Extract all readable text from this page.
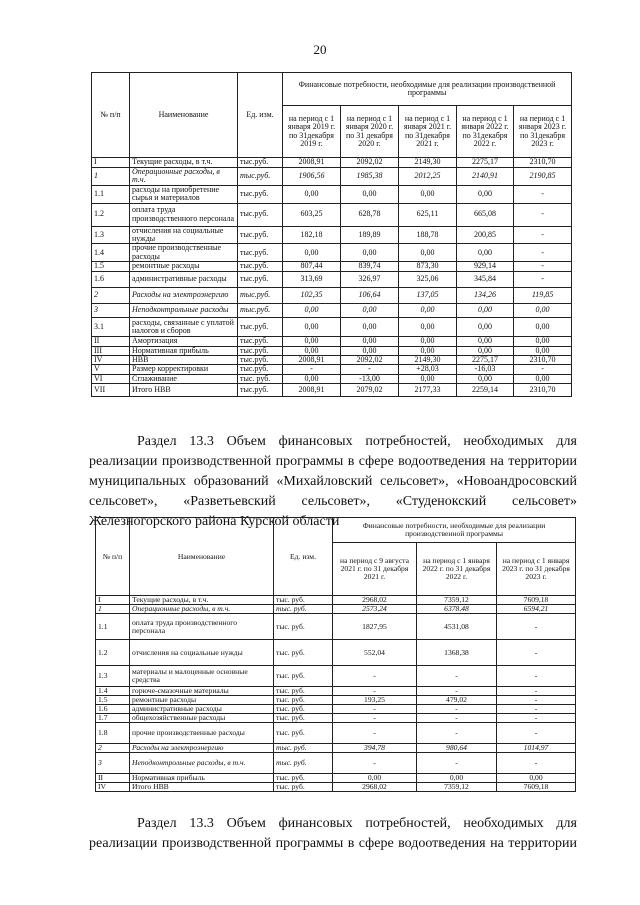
20
№ п/п	Наименование	Ед. изм.	Финансовые потребности, необходимые для реализации производственной программы				
			на период с 1 января 2019 г. по 31декабря 2019 г.	на период с 1 января 2020 г. по 31 декабря 2020 г.	на период с 1 января 2021 г. по 31декабря 2021 г.	на период с 1 января 2022 г. по 31декабря 2022 г.	на период с 1 января 2023 г. по 31декабря 2023 г.
I	Текущие расходы, в т.ч.	тыс.руб.	2008,91	2092,02	2149,30	2275,17	2310,70
1	Операционные расходы, в т.ч.	тыс.руб.	1906,56	1985,38	2012,25	2140,91	2190,85
1.1	расходы на приобретение сырья и материалов	тыс.руб.	0,00	0,00	0,00	0,00	-
1.2	оплата труда производственного персонала	тыс.руб.	603,25	628,78	625,11	665,08	-
1.3	отчисления на социальные нужды	тыс.руб.	182,18	189,89	188,78	200,85	-
1.4	прочие производственные расходы	тыс.руб.	0,00	0,00	0,00	0,00	-
1.5	ремонтные расходы	тыс.руб.	807,44	839,74	873,30	929,14	-
1.6	административные расходы	тыс.руб.	313,69	326,97	325,06	345,84	-
2	Расходы на электроэнергию	тыс.руб.	102,35	106,64	137,05	134,26	119,85
3	Неподконтрольные расходы	тыс.руб.	0,00	0,00	0,00	0,00	0,00
3.1	расходы, связанные с уплатой налогов и сборов	тыс.руб.	0,00	0,00	0,00	0,00	0,00
II	Амортизация	тыс.руб.	0,00	0,00	0,00	0,00	0,00
III	Нормативная прибыль	тыс.руб.	0,00	0,00	0,00	0,00	0,00
IV	НВВ	тыс.руб.	2008,91	2092,02	2149,30	2275,17	2310,70
V	Размер корректировки	тыс.руб.	-	-	+28,03	-16,03	-
VI	Сглаживание	тыс. руб.	0,00	-13,00	0,00	0,00	0,00
VII	Итого НВВ	тыс.руб.	2008,91	2079,02	2177,33	2259,14	2310,70
Раздел 13.3 Объем финансовых потребностей, необходимых для
реализации производственной программы в сфере водоотведения на территории
муниципальных образований «Михайловский сельсовет», «Новоандросовский
сельсовет», «Разветьевский сельсовет», «Студенокский сельсовет»
Железногорского района Курской области
№ п/п	Наименование	Ед. изм.	Финансовые потребности, необходимые для реализации производственной программы		
			на период с 9 августа 2021 г. по 31 декабря 2021 г.	на период с 1 января 2022 г. по 31 декабря 2022 г.	на период с 1 января 2023 г. по 31 декабря 2023 г.
I	Текущие расходы, в т.ч.	тыс. руб.	2968,02	7359,12	7609,18
1	Операционные расходы, в т.ч.	тыс. руб.	2573,24	6378,48	6594,21
1.1	оплата труда производственного персонала	тыс. руб.	1827,95	4531,08	-
1.2	отчисления на социальные нужды	тыс. руб.	552,04	1368,38	-
1.3	материалы и малоценные основные средства	тыс. руб.	-	-	-
1.4	горюче-смазочные материалы	тыс. руб.	-	-	-
1.5	ремонтные расходы	тыс. руб.	193,25	479,02	-
1.6	административные расходы	тыс. руб.	-	-	-
1.7	общехозяйственные расходы	тыс. руб.	-	-	-
1.8	прочие производственные расходы	тыс. руб.	-	-	-
2	Расходы на электроэнергию	тыс. руб.	394,78	980,64	1014,97
3	Неподконтрольные расходы, в т.ч.	тыс. руб.	-	-	-
II	Нормативная прибыль	тыс. руб.	0,00	0,00	0,00
IV	Итого НВВ	тыс. руб.	2968,02	7359,12	7609,18
Раздел 13.3 Объем финансовых потребностей, необходимых для
реализации производственной программы в сфере водоотведения на территории
